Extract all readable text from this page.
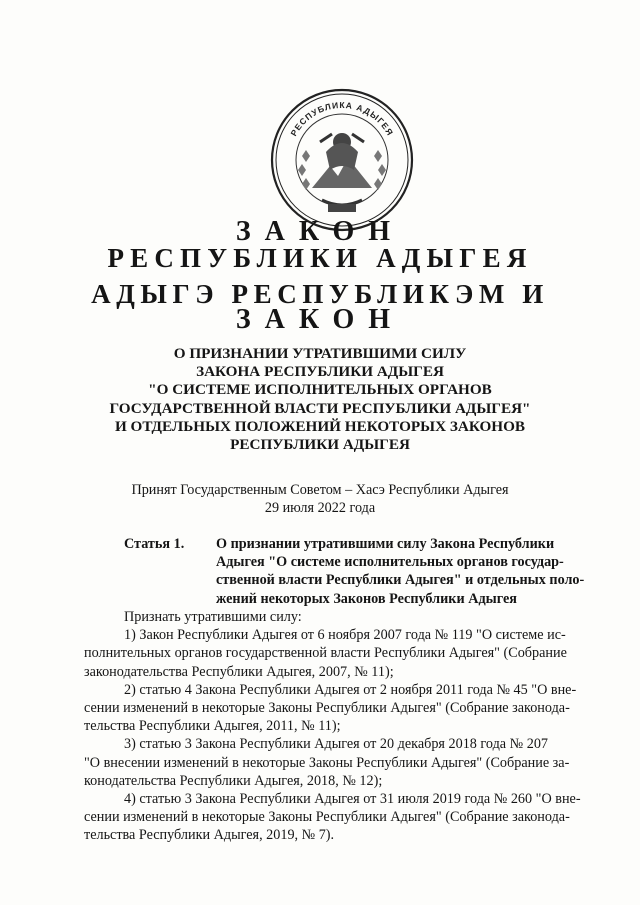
РЕСПУБЛИКА АДЫГЕЯ
ЗАКОН
РЕСПУБЛИКИ АДЫГЕЯ
АДЫГЭ РЕСПУБЛИКЭМ И
ЗАКОН
О ПРИЗНАНИИ УТРАТИВШИМИ СИЛУ
ЗАКОНА РЕСПУБЛИКИ АДЫГЕЯ
"О СИСТЕМЕ ИСПОЛНИТЕЛЬНЫХ ОРГАНОВ
ГОСУДАРСТВЕННОЙ ВЛАСТИ РЕСПУБЛИКИ АДЫГЕЯ"
И ОТДЕЛЬНЫХ ПОЛОЖЕНИЙ НЕКОТОРЫХ ЗАКОНОВ
РЕСПУБЛИКИ АДЫГЕЯ
Принят Государственным Советом – Хасэ Республики Адыгея
29 июля 2022 года
Статья 1.	О признании утратившими силу Закона Республики
Адыгея "О системе исполнительных органов государ-
ственной власти Республики Адыгея" и отдельных поло-
жений некоторых Законов Республики Адыгея
Признать утратившими силу:
1) Закон Республики Адыгея от 6 ноября 2007 года № 119 "О системе ис-
полнительных органов государственной власти Республики Адыгея" (Собрание
законодательства Республики Адыгея, 2007, № 11);
2) статью 4 Закона Республики Адыгея от 2 ноября 2011 года № 45 "О вне-
сении изменений в некоторые Законы Республики Адыгея" (Собрание законода-
тельства Республики Адыгея, 2011, № 11);
3) статью 3 Закона Республики Адыгея от 20 декабря 2018 года № 207
"О внесении изменений в некоторые Законы Республики Адыгея" (Собрание за-
конодательства Республики Адыгея, 2018, № 12);
4) статью 3 Закона Республики Адыгея от 31 июля 2019 года № 260 "О вне-
сении изменений в некоторые Законы Республики Адыгея" (Собрание законода-
тельства Республики Адыгея, 2019, № 7).
